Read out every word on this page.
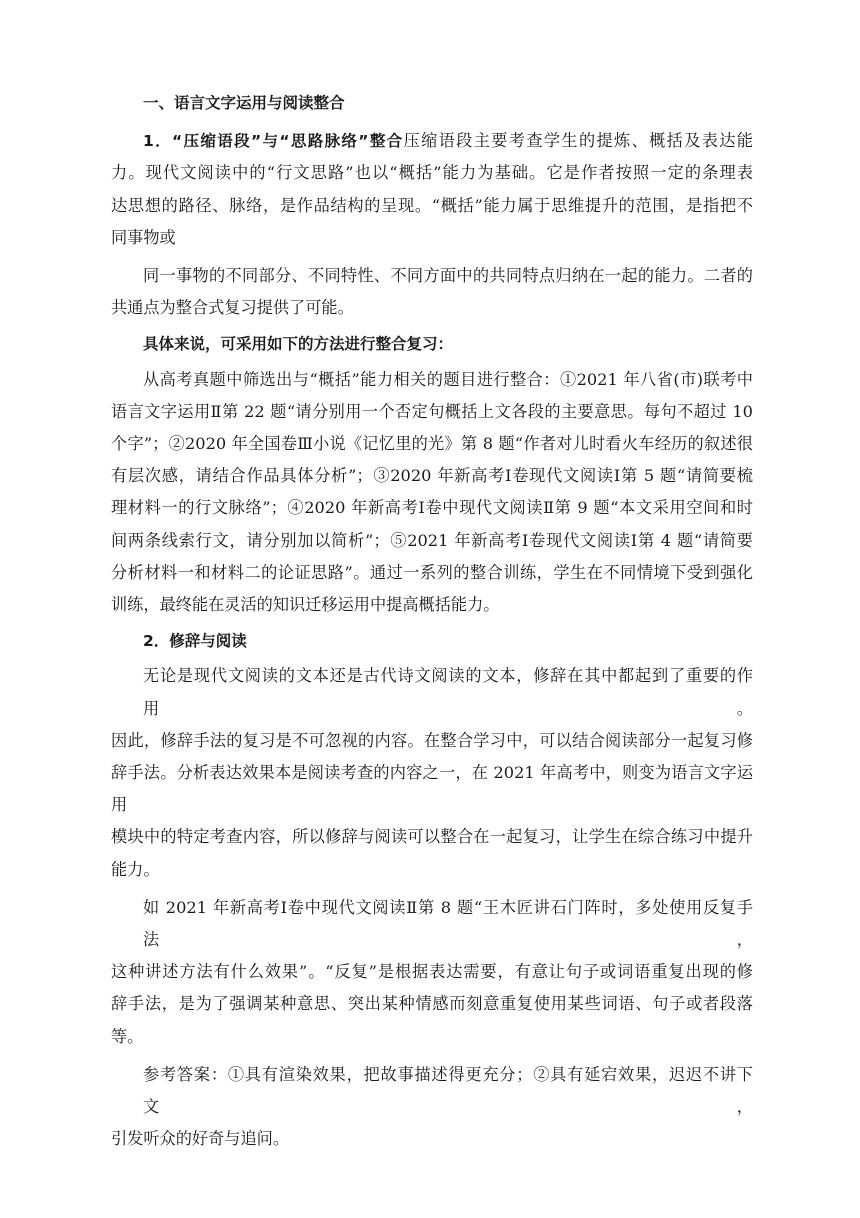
一、语言文字运用与阅读整合

1．“压缩语段”与“思路脉络”整合压缩语段主要考查学生的提炼、概括及表达能
力。现代文阅读中的“行文思路”也以“概括”能力为基础。它是作者按照一定的条理表
达思想的路径、脉络，是作品结构的呈现。“概括”能力属于思维提升的范围，是指把不
同事物或

同一事物的不同部分、不同特性、不同方面中的共同特点归纳在一起的能力。二者的
共通点为整合式复习提供了可能。

具体来说，可采用如下的方法进行整合复习：

从高考真题中筛选出与“概括”能力相关的题目进行整合：①2021 年八省(市)联考中
语言文字运用Ⅱ第 22 题“请分别用一个否定句概括上文各段的主要意思。每句不超过 10
个字”；②2020 年全国卷Ⅲ小说《记忆里的光》第 8 题“作者对儿时看火车经历的叙述很
有层次感，请结合作品具体分析”；③2020 年新高考Ⅰ卷现代文阅读Ⅰ第 5 题“请简要梳
理材料一的行文脉络”；④2020 年新高考Ⅰ卷中现代文阅读Ⅱ第 9 题“本文采用空间和时
间两条线索行文，请分别加以简析”；⑤2021 年新高考Ⅰ卷现代文阅读Ⅰ第 4 题“请简要
分析材料一和材料二的论证思路”。通过一系列的整合训练，学生在不同情境下受到强化
训练，最终能在灵活的知识迁移运用中提高概括能力。

2．修辞与阅读

无论是现代文阅读的文本还是古代诗文阅读的文本，修辞在其中都起到了重要的作用。
因此，修辞手法的复习是不可忽视的内容。在整合学习中，可以结合阅读部分一起复习修
辞手法。分析表达效果本是阅读考查的内容之一，在 2021 年高考中，则变为语言文字运用
模块中的特定考查内容，所以修辞与阅读可以整合在一起复习，让学生在综合练习中提升
能力。

如 2021 年新高考Ⅰ卷中现代文阅读Ⅱ第 8 题“王木匠讲石门阵时，多处使用反复手法，
这种讲述方法有什么效果”。“反复”是根据表达需要，有意让句子或词语重复出现的修
辞手法，是为了强调某种意思、突出某种情感而刻意重复使用某些词语、句子或者段落等。

参考答案：①具有渲染效果，把故事描述得更充分；②具有延宕效果，迟迟不讲下文，
引发听众的好奇与追问。
